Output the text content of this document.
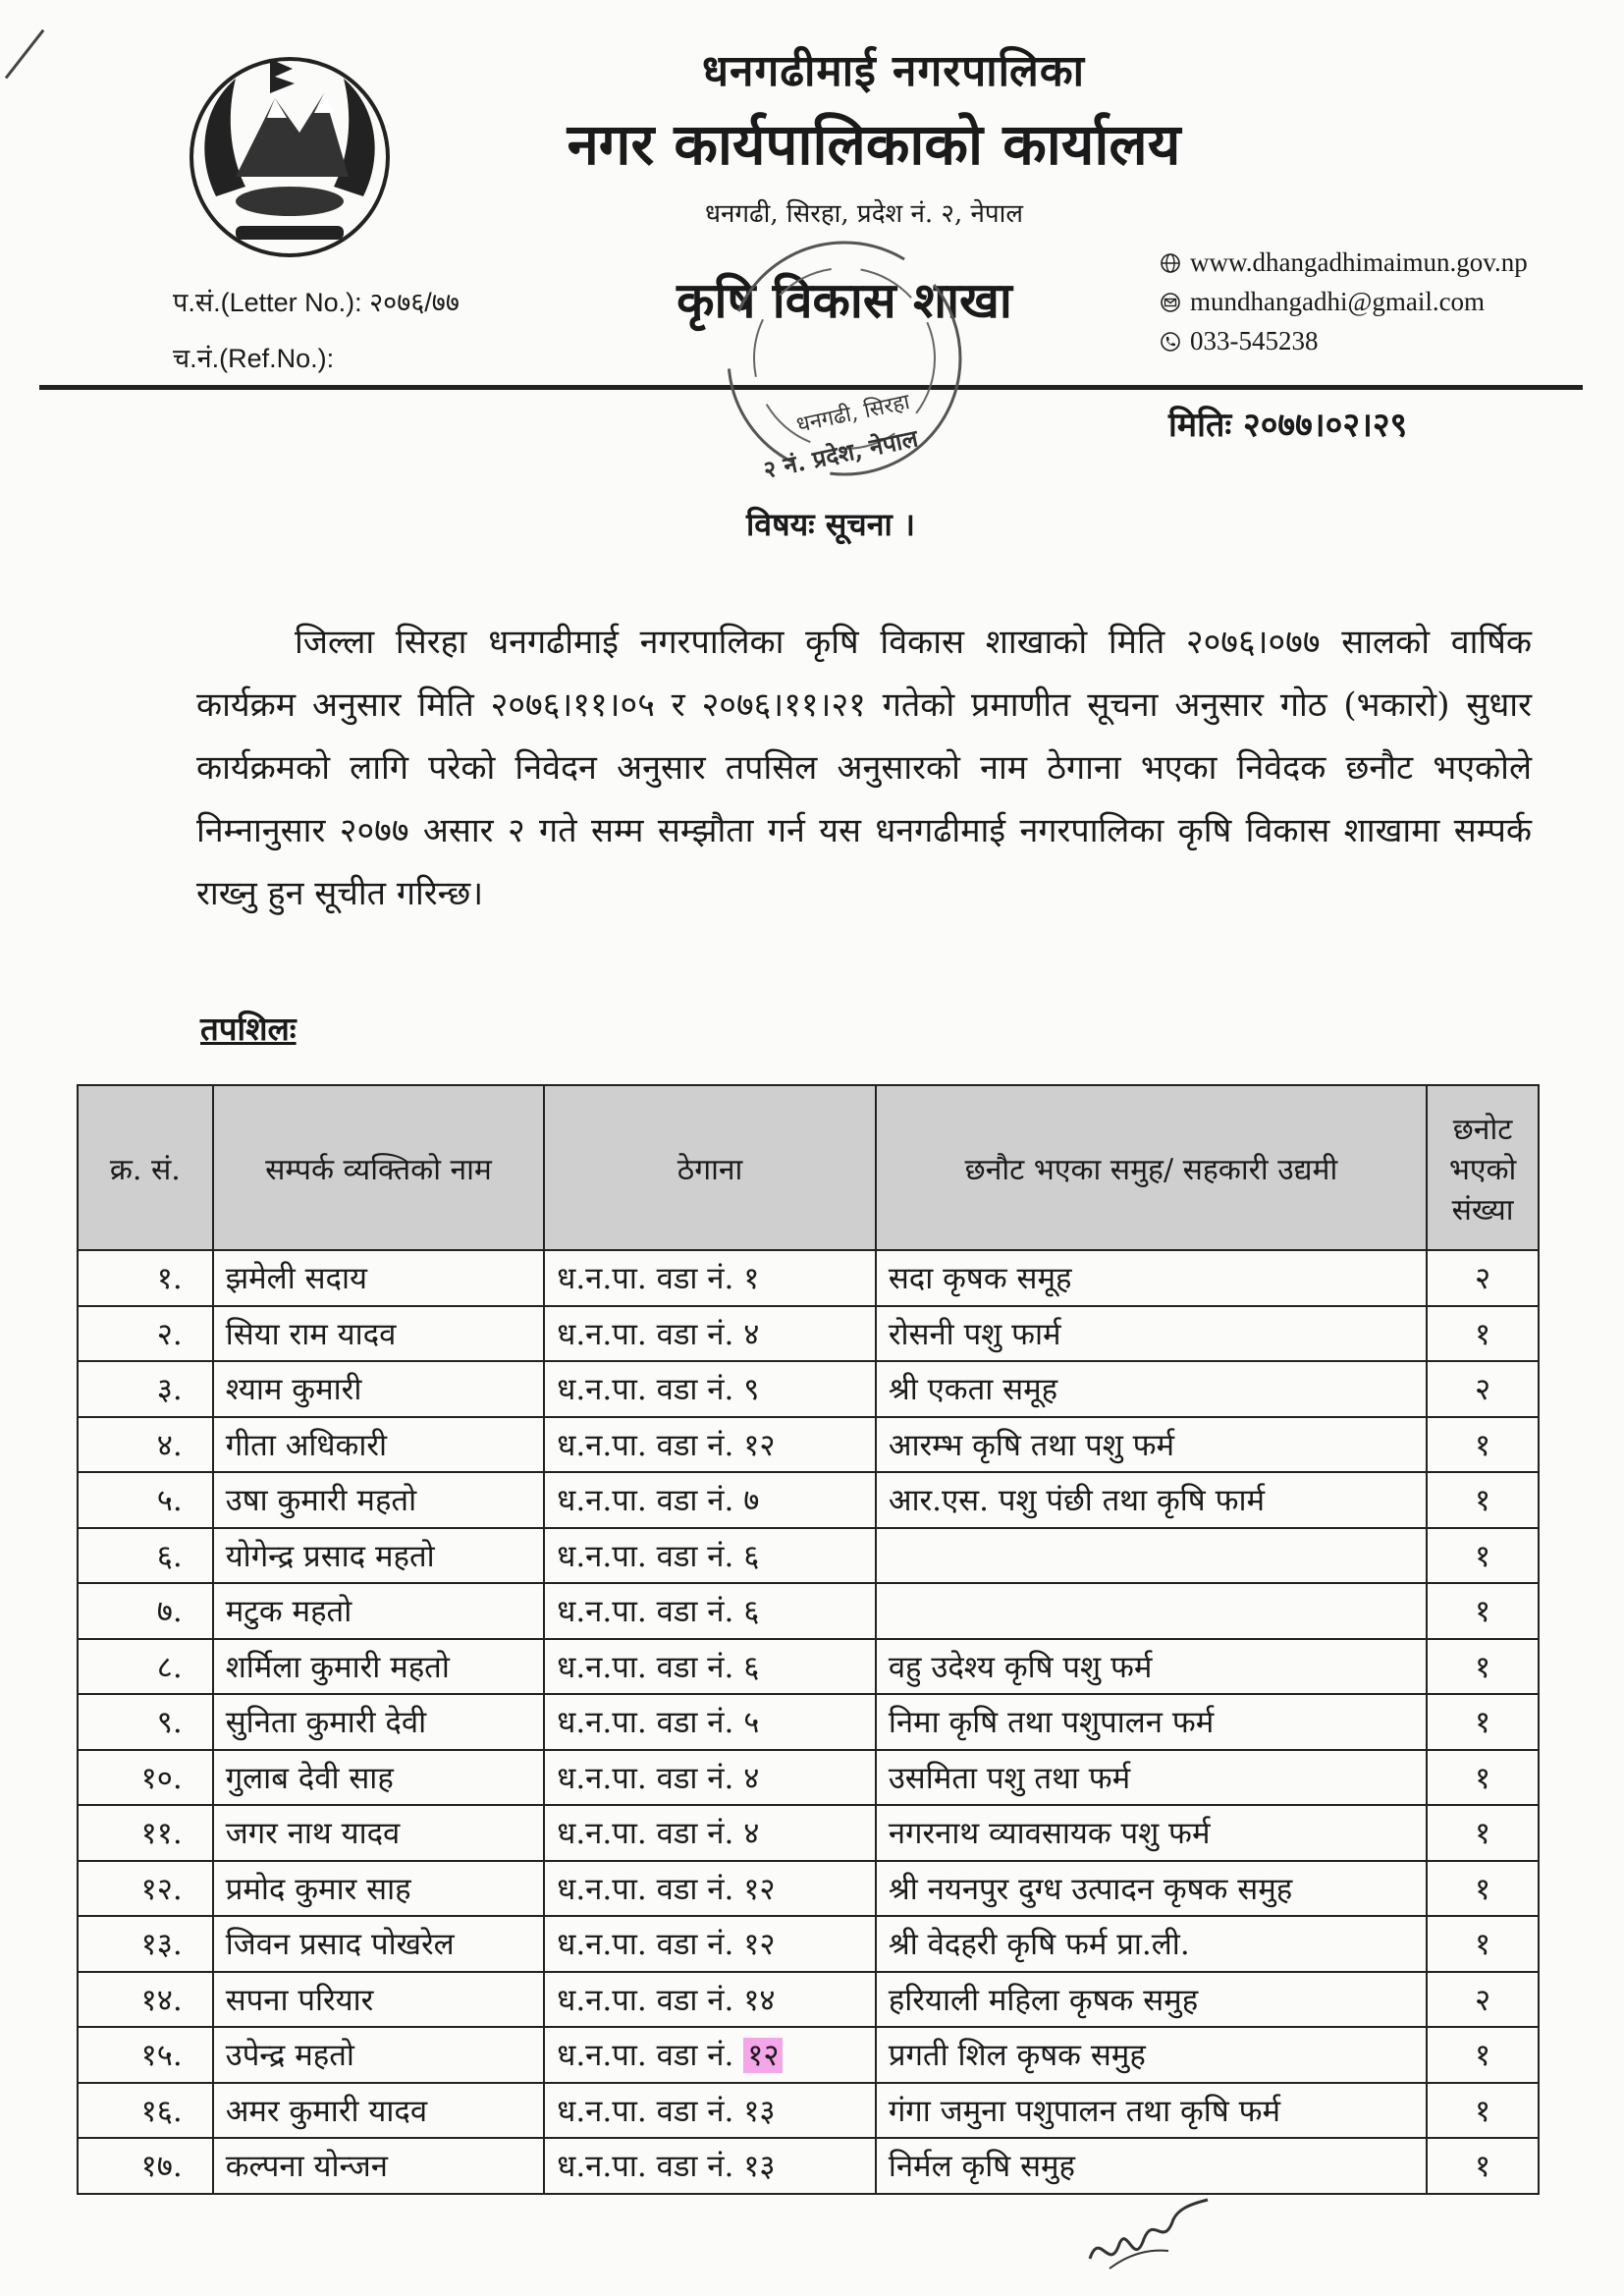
धनगढीमाई नगरपालिका
नगर कार्यपालिकाको कार्यालय
धनगढी, सिरहा, प्रदेश नं. २, नेपाल
कृषि विकास शाखा
प.सं.(Letter No.): २०७६/७७
च.नं.(Ref.No.):
www.dhangadhimaimun.gov.np
mundhangadhi@gmail.com
033-545238
मितिः २०७७।०२।२९
धनगढी, सिरहा
२ नं. प्रदेश, नेपाल
विषयः सूचना ।
जिल्ला सिरहा धनगढीमाई नगरपालिका कृषि विकास शाखाको मिति २०७६।०७७ सालको वार्षिक कार्यक्रम अनुसार मिति २०७६।११।०५ र २०७६।११।२१ गतेको प्रमाणीत सूचना अनुसार गोठ (भकारो) सुधार कार्यक्रमको लागि परेको निवेदन अनुसार तपसिल अनुसारको नाम ठेगाना भएका निवेदक छनौट भएकोले निम्नानुसार २०७७ असार २ गते सम्म सम्झौता गर्न यस धनगढीमाई नगरपालिका कृषि विकास शाखामा सम्पर्क राख्नु हुन सूचीत गरिन्छ।
तपशिलः
क्र. सं.	सम्पर्क व्यक्तिको नाम	ठेगाना	छनौट भएका समुह/ सहकारी उद्यमी	छनोट भएको संख्या
१.	झमेली सदाय	ध.न.पा. वडा नं. १	सदा कृषक समूह	२
२.	सिया राम यादव	ध.न.पा. वडा नं. ४	रोसनी पशु फार्म	१
३.	श्याम कुमारी	ध.न.पा. वडा नं. ९	श्री एकता समूह	२
४.	गीता अधिकारी	ध.न.पा. वडा नं. १२	आरम्भ कृषि तथा पशु फर्म	१
५.	उषा कुमारी महतो	ध.न.पा. वडा नं. ७	आर.एस. पशु पंछी तथा कृषि फार्म	१
६.	योगेन्द्र प्रसाद महतो	ध.न.पा. वडा नं. ६		१
७.	मटुक महतो	ध.न.पा. वडा नं. ६		१
८.	शर्मिला कुमारी महतो	ध.न.पा. वडा नं. ६	वहु उदेश्य कृषि पशु फर्म	१
९.	सुनिता कुमारी देवी	ध.न.पा. वडा नं. ५	निमा कृषि तथा पशुपालन फर्म	१
१०.	गुलाब देवी साह	ध.न.पा. वडा नं. ४	उसमिता पशु तथा फर्म	१
११.	जगर नाथ यादव	ध.न.पा. वडा नं. ४	नगरनाथ व्यावसायक पशु फर्म	१
१२.	प्रमोद कुमार साह	ध.न.पा. वडा नं. १२	श्री नयनपुर दुग्ध उत्पादन कृषक समुह	१
१३.	जिवन प्रसाद पोखरेल	ध.न.पा. वडा नं. १२	श्री वेदहरी कृषि फर्म प्रा.ली.	१
१४.	सपना परियार	ध.न.पा. वडा नं. १४	हरियाली महिला कृषक समुह	२
१५.	उपेन्द्र महतो	ध.न.पा. वडा नं. १२	प्रगती शिल कृषक समुह	१
१६.	अमर कुमारी यादव	ध.न.पा. वडा नं. १३	गंगा जमुना पशुपालन तथा कृषि फर्म	१
१७.	कल्पना योन्जन	ध.न.पा. वडा नं. १३	निर्मल कृषि समुह	१
